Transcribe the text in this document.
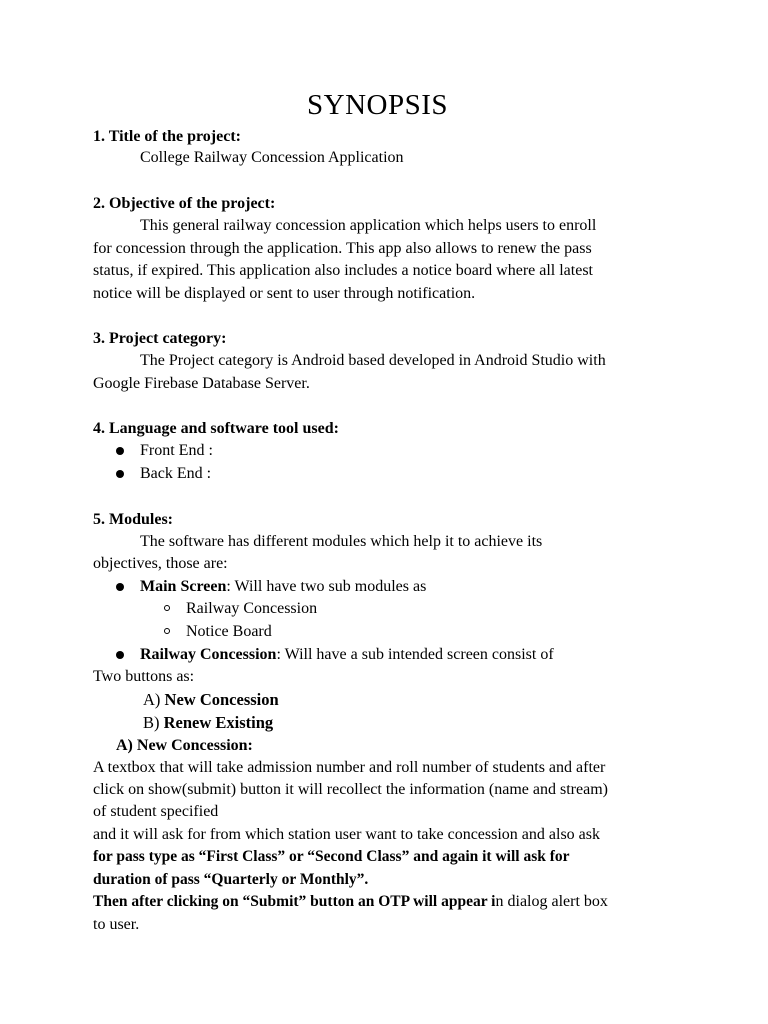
SYNOPSIS
1. Title of the project:
College Railway Concession Application
2. Objective of the project:
This general railway concession application which helps users to enroll
for concession through the application. This app also allows to renew the pass
status, if expired. This application also includes a notice board where all latest
notice will be displayed or sent to user through notification.
3. Project category:
The Project category is Android based developed in Android Studio with
Google Firebase Database Server.
4. Language and software tool used:
Front End :
Back End :
5. Modules:
The software has different modules which help it to achieve its
objectives, those are:
Main Screen: Will have two sub modules as
Railway Concession
Notice Board
Railway Concession: Will have a sub intended screen consist of
Two buttons as:
A) New Concession
B) Renew Existing
A) New Concession:
A textbox that will take admission number and roll number of students and after
click on show(submit) button it will recollect the information (name and stream)
of student specified
and it will ask for from which station user want to take concession and also ask
for pass type as “First Class” or “Second Class” and again it will ask for
duration of pass “Quarterly or Monthly”.
Then after clicking on “Submit” button an OTP will appear in dialog alert box
to user.
